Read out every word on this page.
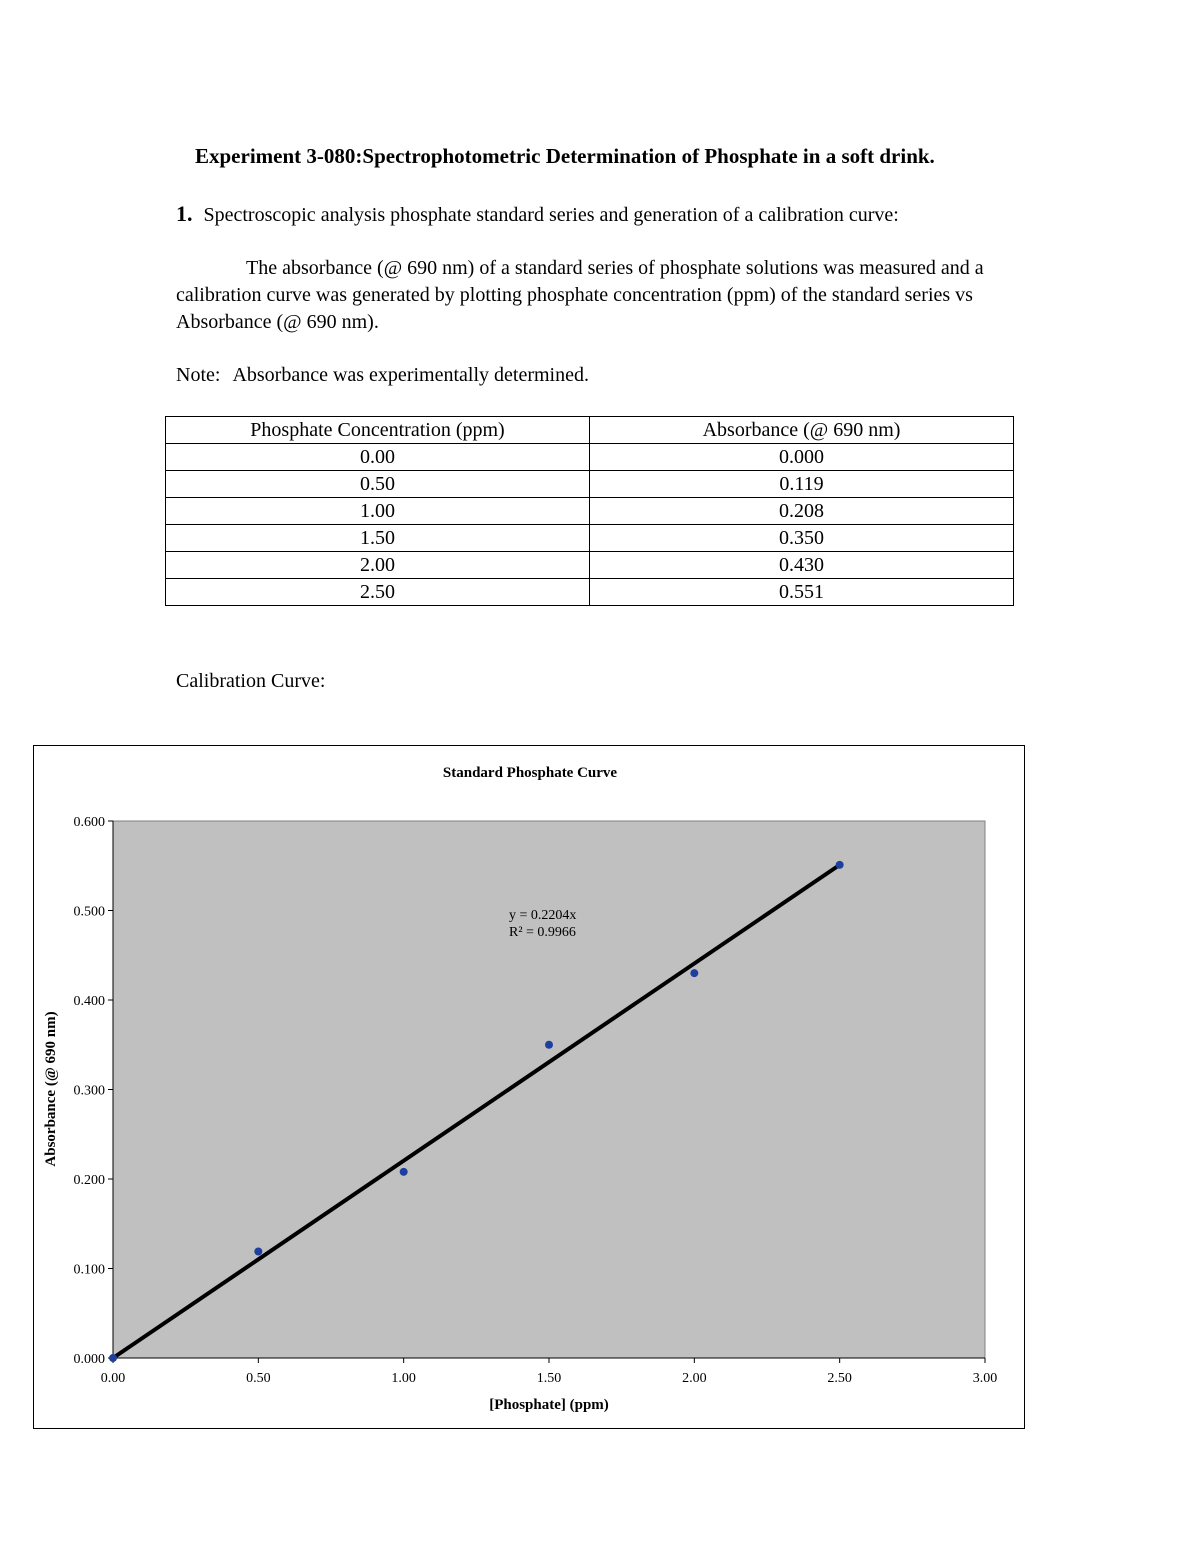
Experiment 3-080:Spectrophotometric Determination of Phosphate in a soft drink.
1. Spectroscopic analysis phosphate standard series and generation of a calibration curve:
The absorbance (@ 690 nm) of a standard series of phosphate solutions was measured and a calibration curve was generated by plotting phosphate concentration (ppm) of the standard series vs Absorbance (@ 690 nm).
Note: Absorbance was experimentally determined.
Phosphate Concentration (ppm)	Absorbance (@ 690 nm)
0.00	0.000
0.50	0.119
1.00	0.208
1.50	0.350
2.00	0.430
2.50	0.551
Calibration Curve:
Standard Phosphate Curve
0.00	0.50	1.00	1.50	2.00	2.50	3.00
0.000
0.100
0.200
0.300
0.400
0.500
0.600
y = 0.2204x
R² = 0.9966
[Phosphate] (ppm)
Absorbance (@ 690 nm)
